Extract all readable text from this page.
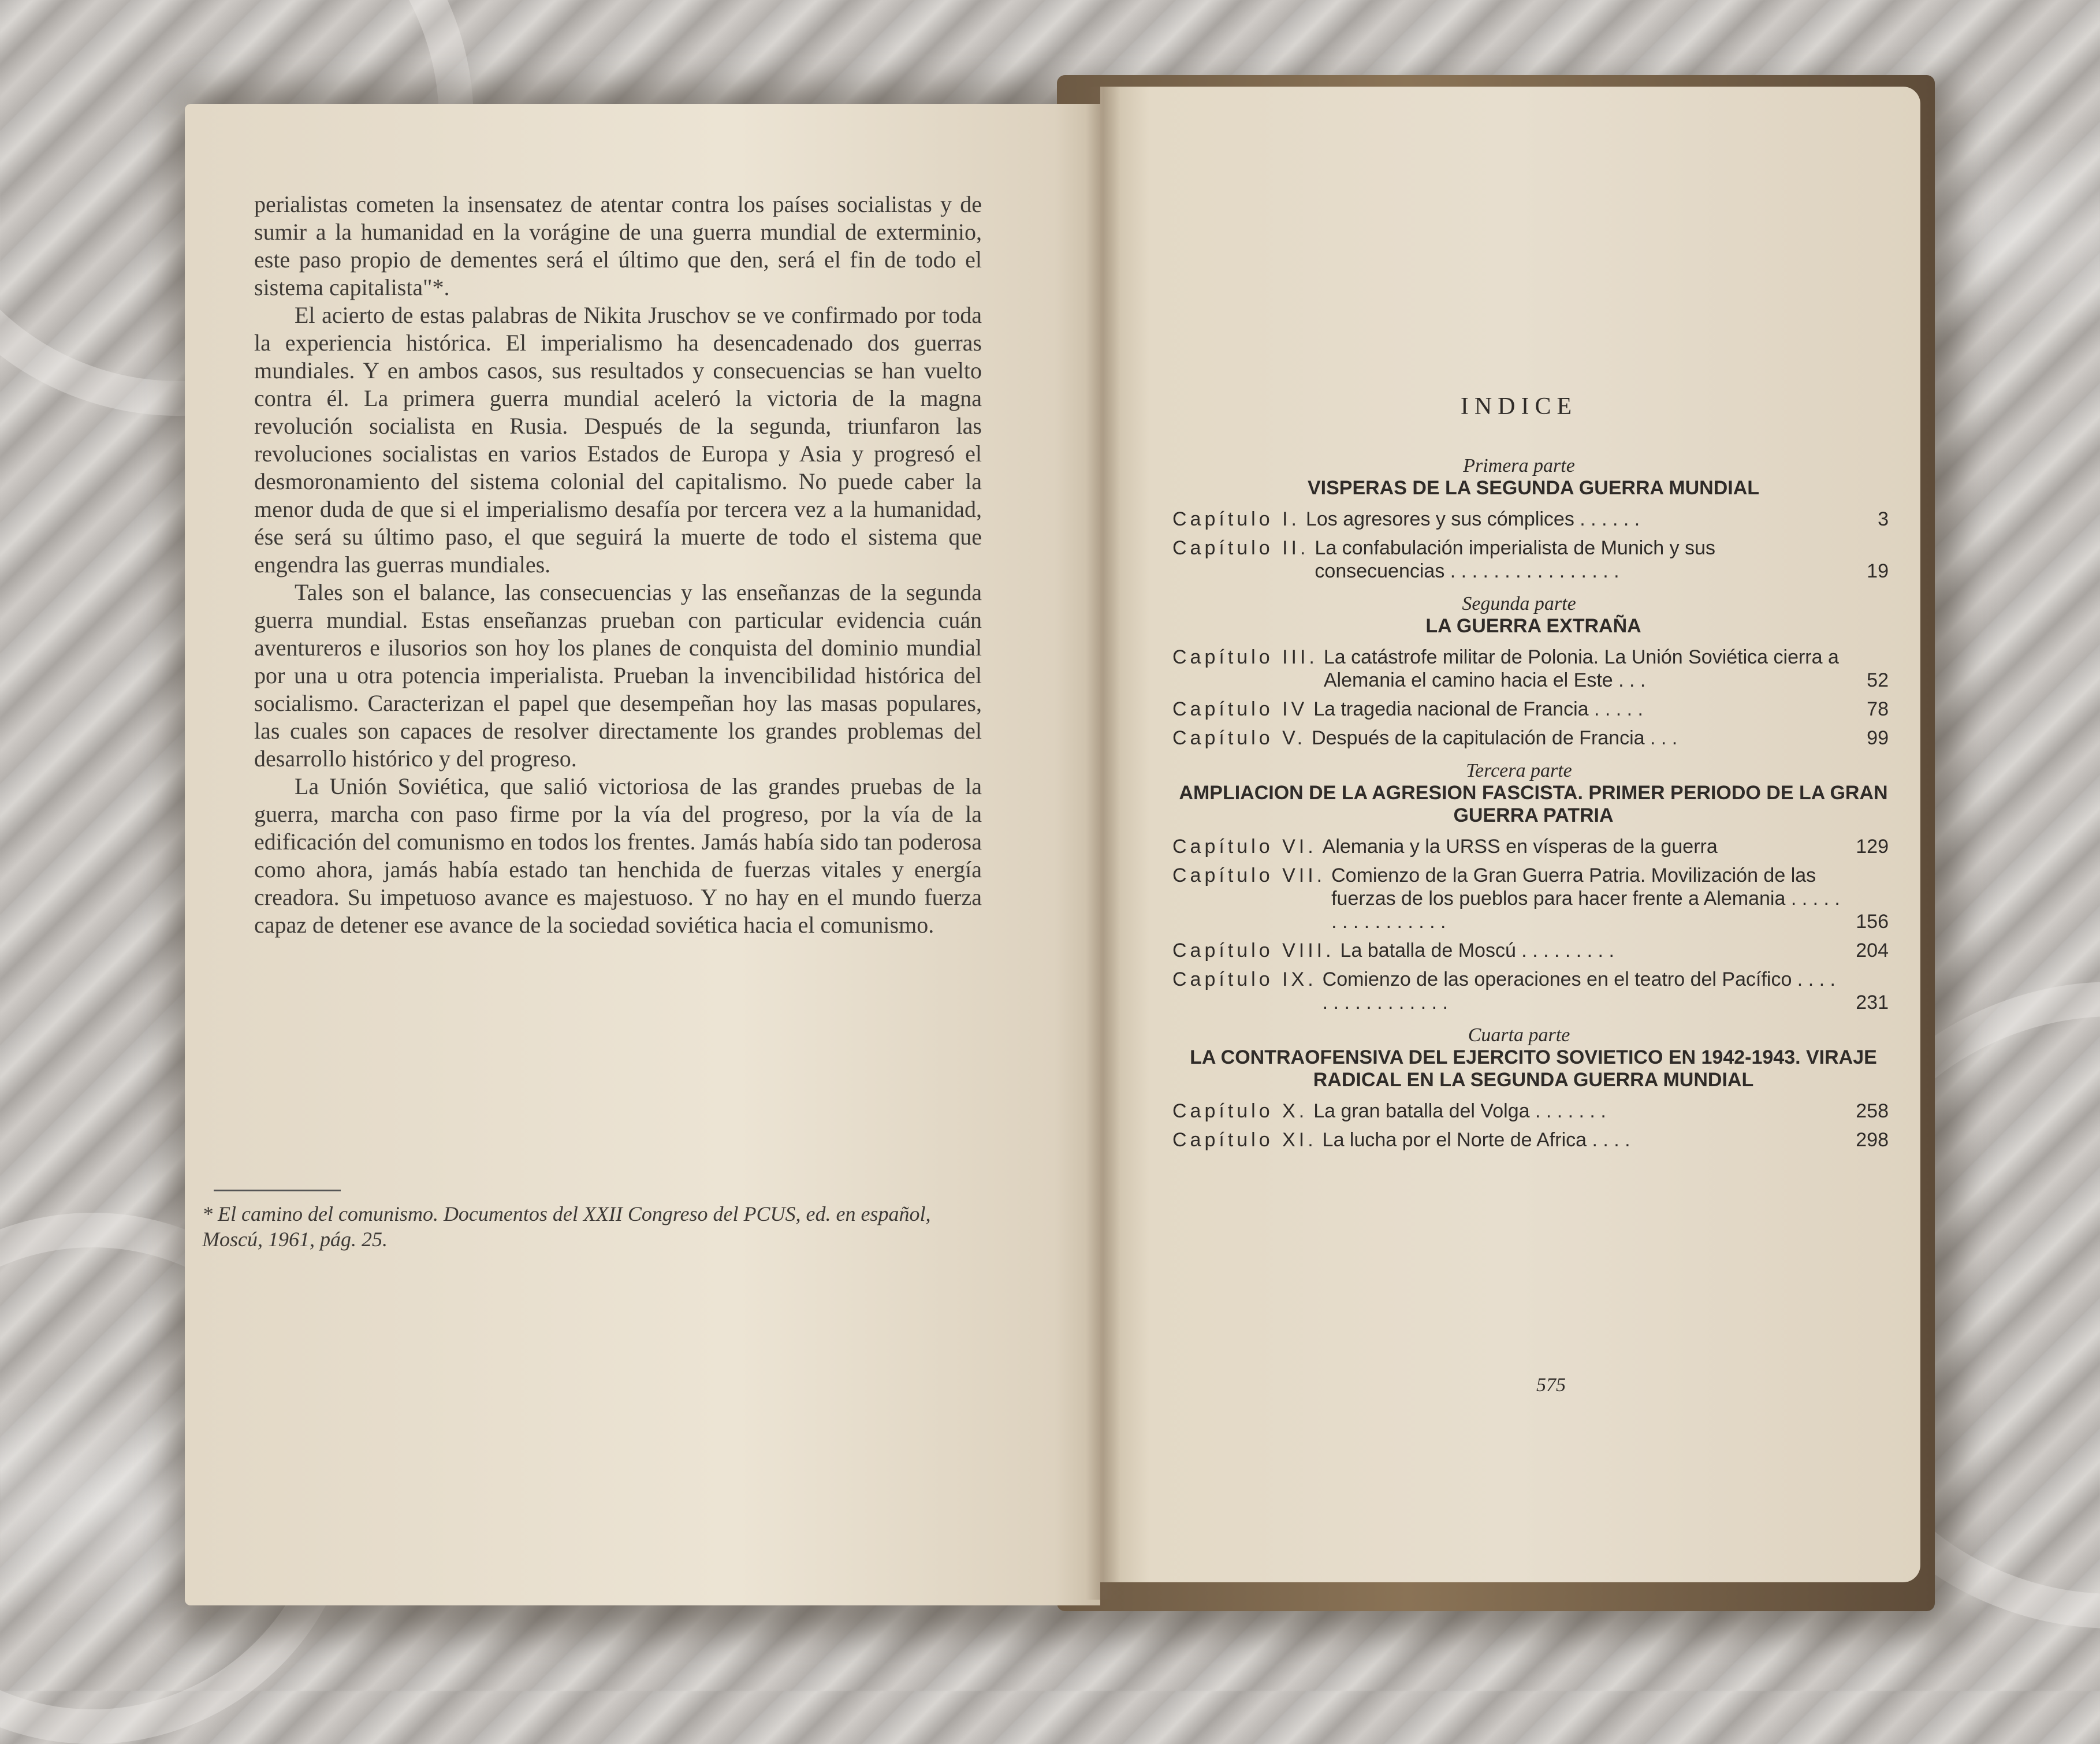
perialistas cometen la insensatez de atentar contra los países socialistas y de sumir a la humanidad en la vorágine de una guerra mundial de exterminio, este paso propio de dementes será el último que den, será el fin de todo el sistema capitalista"*.

El acierto de estas palabras de Nikita Jruschov se ve confirmado por toda la experiencia histórica. El imperialismo ha desencadenado dos guerras mundiales. Y en ambos casos, sus resultados y consecuencias se han vuelto contra él. La primera guerra mundial aceleró la victoria de la magna revolución socialista en Rusia. Después de la segunda, triunfaron las revoluciones socialistas en varios Estados de Europa y Asia y progresó el desmoronamiento del sistema colonial del capitalismo. No puede caber la menor duda de que si el imperialismo desafía por tercera vez a la humanidad, ése será su último paso, el que seguirá la muerte de todo el sistema que engendra las guerras mundiales.

Tales son el balance, las consecuencias y las enseñanzas de la segunda guerra mundial. Estas enseñanzas prueban con particular evidencia cuán aventureros e ilusorios son hoy los planes de conquista del dominio mundial por una u otra potencia imperialista. Prueban la invencibilidad histórica del socialismo. Caracterizan el papel que desempeñan hoy las masas populares, las cuales son capaces de resolver directamente los grandes problemas del desarrollo histórico y del progreso.

La Unión Soviética, que salió victoriosa de las grandes pruebas de la guerra, marcha con paso firme por la vía del progreso, por la vía de la edificación del comunismo en todos los frentes. Jamás había sido tan poderosa como ahora, jamás había estado tan henchida de fuerzas vitales y energía creadora. Su impetuoso avance es majestuoso. Y no hay en el mundo fuerza capaz de detener ese avance de la sociedad soviética hacia el comunismo.

* El camino del comunismo. Documentos del XXII Congreso del PCUS, ed. en español, Moscú, 1961, pág. 25.
INDICE
Primera parte
VISPERAS DE LA SEGUNDA GUERRA MUNDIAL
Capítulo I. Los agresores y sus cómplices . . . . . .	3
Capítulo II. La confabulación imperialista de Munich y sus consecuencias . . . . . . . . . . . . . . . .	19
Segunda parte
LA GUERRA EXTRAÑA
Capítulo III. La catástrofe militar de Polonia. La Unión Soviética cierra a Alemania el camino hacia el Este . . .	52
Capítulo IV La tragedia nacional de Francia . . . . .	78
Capítulo V. Después de la capitulación de Francia . . .	99
Tercera parte
AMPLIACION DE LA AGRESION FASCISTA. PRIMER PERIODO DE LA GRAN GUERRA PATRIA
Capítulo VI. Alemania y la URSS en vísperas de la guerra	129
Capítulo VII. Comienzo de la Gran Guerra Patria. Movilización de las fuerzas de los pueblos para hacer frente a Alemania . . . . . . . . . . . . . . . .	156
Capítulo VIII. La batalla de Moscú . . . . . . . . .	204
Capítulo IX. Comienzo de las operaciones en el teatro del Pacífico . . . . . . . . . . . . . . . .	231
Cuarta parte
LA CONTRAOFENSIVA DEL EJERCITO SOVIETICO EN 1942-1943. VIRAJE RADICAL EN LA SEGUNDA GUERRA MUNDIAL
Capítulo X. La gran batalla del Volga . . . . . . .	258
Capítulo XI. La lucha por el Norte de Africa . . . .	298
575
